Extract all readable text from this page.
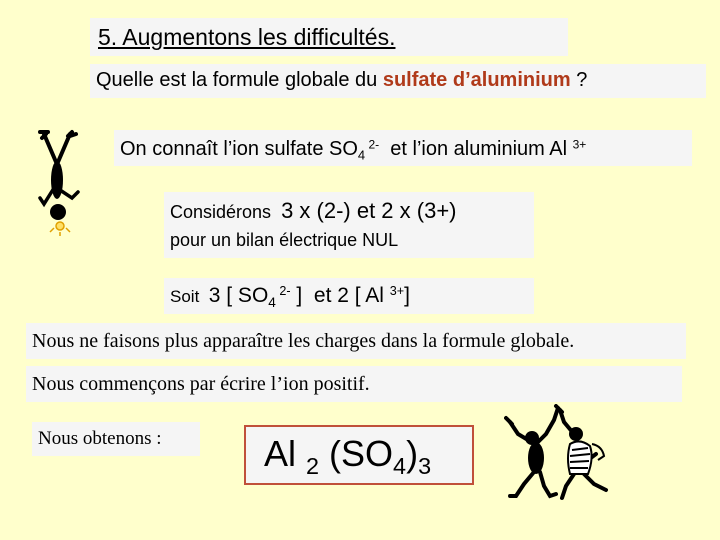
5. Augmentons les difficultés.
Quelle est la formule globale du sulfate d’aluminium ?
On connaît l’ion sulfate $SO_4$ $^{2-}$  et l’ion aluminium Al $^{3+}$
Considérons  3 x (2-) et 2 x (3+)
pour un bilan électrique NUL
Soit  3 [ $SO_4$ $^{2-}$ ]  et 2 [ Al $^{3+}$]
Nous ne faisons plus apparaître les charges dans la formule globale.
Nous commençons par écrire l’ion positif.
Nous obtenons :	Al $_2$ $(SO_4)_3$
